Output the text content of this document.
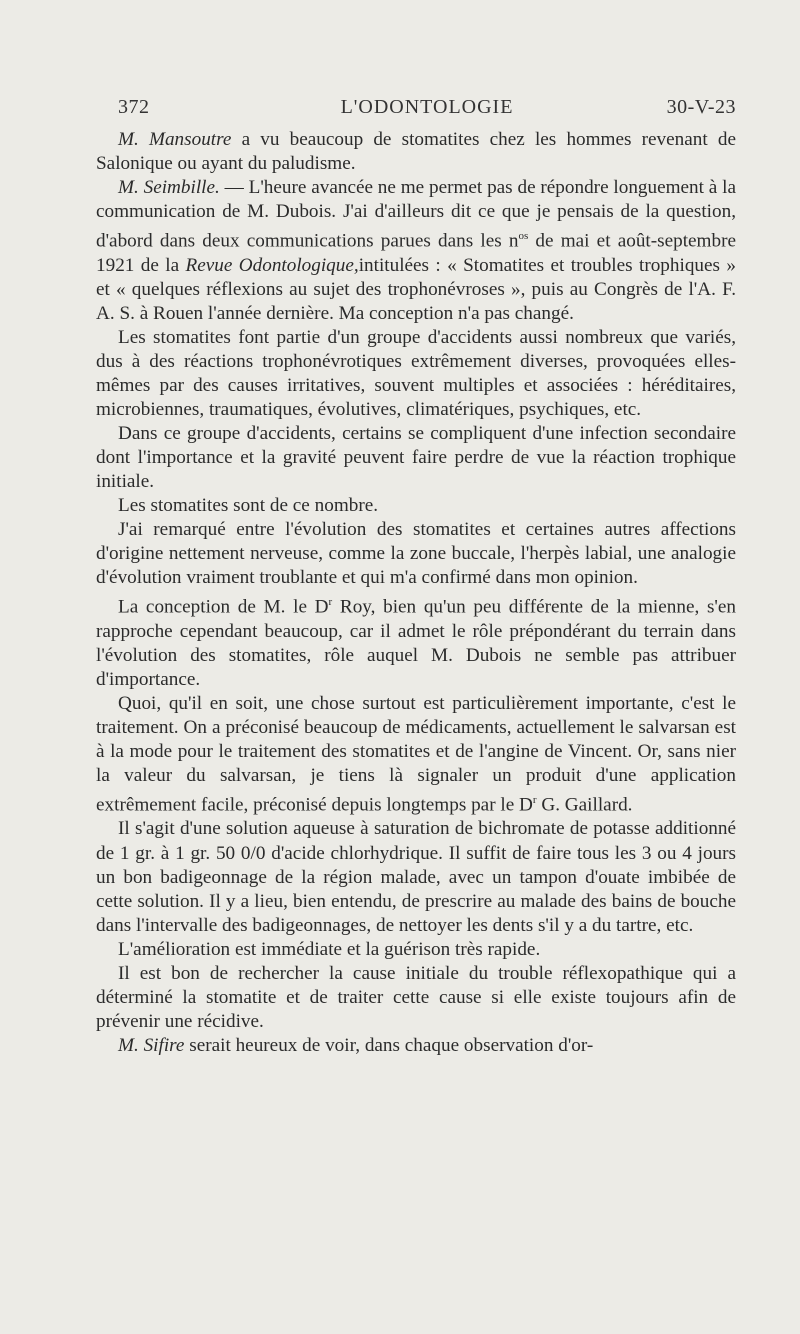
372	L'ODONTOLOGIE	30-V-23

M. Mansoutre a vu beaucoup de stomatites chez les hommes revenant de Salonique ou ayant du paludisme.

M. Seimbille. — L'heure avancée ne me permet pas de répondre longuement à la communication de M. Dubois. J'ai d'ailleurs dit ce que je pensais de la question, d'abord dans deux communications parues dans les $n^{os}$ de mai et août-septembre 1921 de la Revue Odontologique,intitulées : « Stomatites et troubles trophiques » et « quelques réflexions au sujet des trophonévroses », puis au Congrès de l'A. F. A. S. à Rouen l'année dernière. Ma conception n'a pas changé.

Les stomatites font partie d'un groupe d'accidents aussi nombreux que variés, dus à des réactions trophonévrotiques extrêmement diverses, provoquées elles-mêmes par des causes irritatives, souvent multiples et associées : héréditaires, microbiennes, traumatiques, évolutives, climatériques, psychiques, etc.

Dans ce groupe d'accidents, certains se compliquent d'une infection secondaire dont l'importance et la gravité peuvent faire perdre de vue la réaction trophique initiale.

Les stomatites sont de ce nombre.

J'ai remarqué entre l'évolution des stomatites et certaines autres affections d'origine nettement nerveuse, comme la zone buccale, l'herpès labial, une analogie d'évolution vraiment troublante et qui m'a confirmé dans mon opinion.

La conception de M. le $D^r$ Roy, bien qu'un peu différente de la mienne, s'en rapproche cependant beaucoup, car il admet le rôle prépondérant du terrain dans l'évolution des stomatites, rôle auquel M. Dubois ne semble pas attribuer d'importance.

Quoi, qu'il en soit, une chose surtout est particulièrement importante, c'est le traitement. On a préconisé beaucoup de médicaments, actuellement le salvarsan est à la mode pour le traitement des stomatites et de l'angine de Vincent. Or, sans nier la valeur du salvarsan, je tiens là signaler un produit d'une application extrêmement facile, préconisé depuis longtemps par le $D^r$ G. Gaillard.

Il s'agit d'une solution aqueuse à saturation de bichromate de potasse additionné de 1 gr. à 1 gr. 50 0/0 d'acide chlorhydrique. Il suffit de faire tous les 3 ou 4 jours un bon badigeonnage de la région malade, avec un tampon d'ouate imbibée de cette solution. Il y a lieu, bien entendu, de prescrire au malade des bains de bouche dans l'intervalle des badigeonnages, de nettoyer les dents s'il y a du tartre, etc.

L'amélioration est immédiate et la guérison très rapide.

Il est bon de rechercher la cause initiale du trouble réflexopathique qui a déterminé la stomatite et de traiter cette cause si elle existe toujours afin de prévenir une récidive.

M. Sifire serait heureux de voir, dans chaque observation d'or-
